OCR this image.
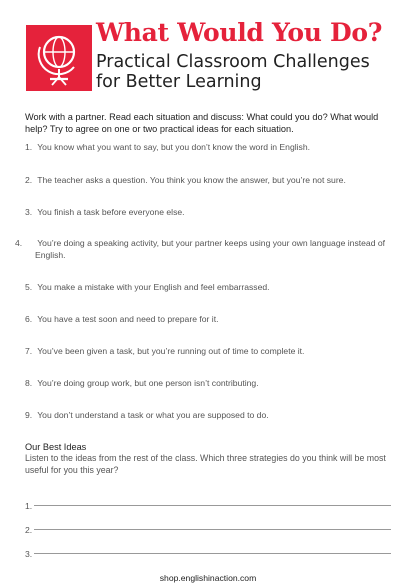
What Would You Do?
Practical Classroom Challenges for Better Learning

Work with a partner. Read each situation and discuss: What could you do? What would help? Try to agree on one or two practical ideas for each situation.

1. You know what you want to say, but you don’t know the word in English.
2. The teacher asks a question. You think you know the answer, but you’re not sure.
3. You finish a task before everyone else.
4. You’re doing a speaking activity, but your partner keeps using your own language instead of English.
5. You make a mistake with your English and feel embarrassed.
6. You have a test soon and need to prepare for it.
7. You’ve been given a task, but you’re running out of time to complete it.
8. You’re doing group work, but one person isn’t contributing.
9. You don’t understand a task or what you are supposed to do.
Our Best Ideas

Listen to the ideas from the rest of the class. Which three strategies do you think will be most useful for you this year?

1.
2.
3.

shop.englishinaction.com
